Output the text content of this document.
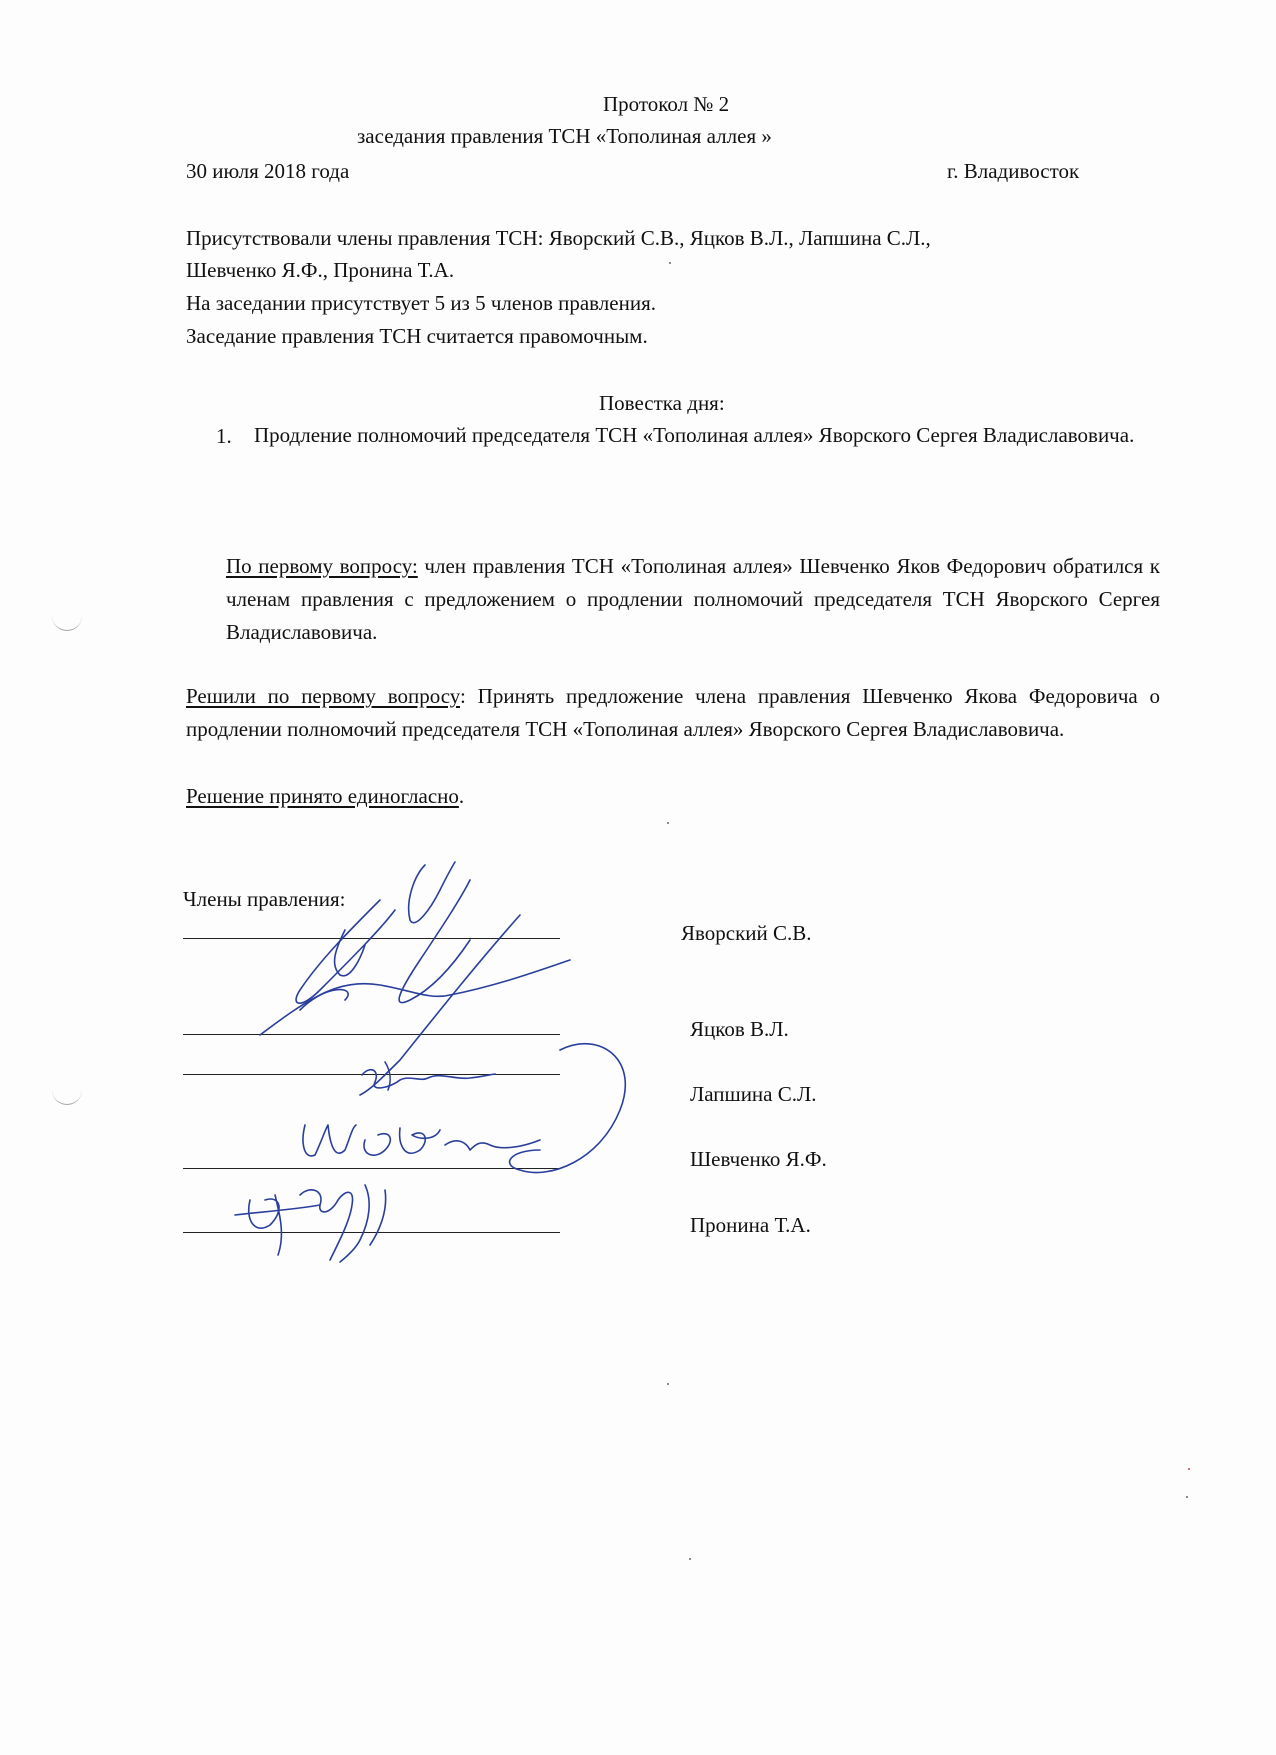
Протокол № 2
заседания правления ТСН «Тополиная аллея »
30 июля 2018 года	г. Владивосток
Присутствовали члены правления ТСН: Яворский С.В., Яцков В.Л., Лапшина С.Л.,
Шевченко Я.Ф., Пронина Т.А.
На заседании присутствует 5 из 5 членов правления.
Заседание правления ТСН считается правомочным.
Повестка дня:
1. Продление полномочий председателя ТСН «Тополиная аллея» Яворского Сергея Владиславовича.
По первому вопросу: член правления ТСН «Тополиная аллея» Шевченко Яков Федорович обратился к членам правления с предложением о продлении полномочий председателя ТСН Яворского Сергея Владиславовича.
Решили по первому вопросу: Принять предложение члена правления Шевченко Якова Федоровича о продлении полномочий председателя ТСН «Тополиная аллея» Яворского Сергея Владиславовича.
Решение принято единогласно.
Члены правления:
Яворский С.В.
Яцков В.Л.
Лапшина С.Л.
Шевченко Я.Ф.
Пронина Т.А.
